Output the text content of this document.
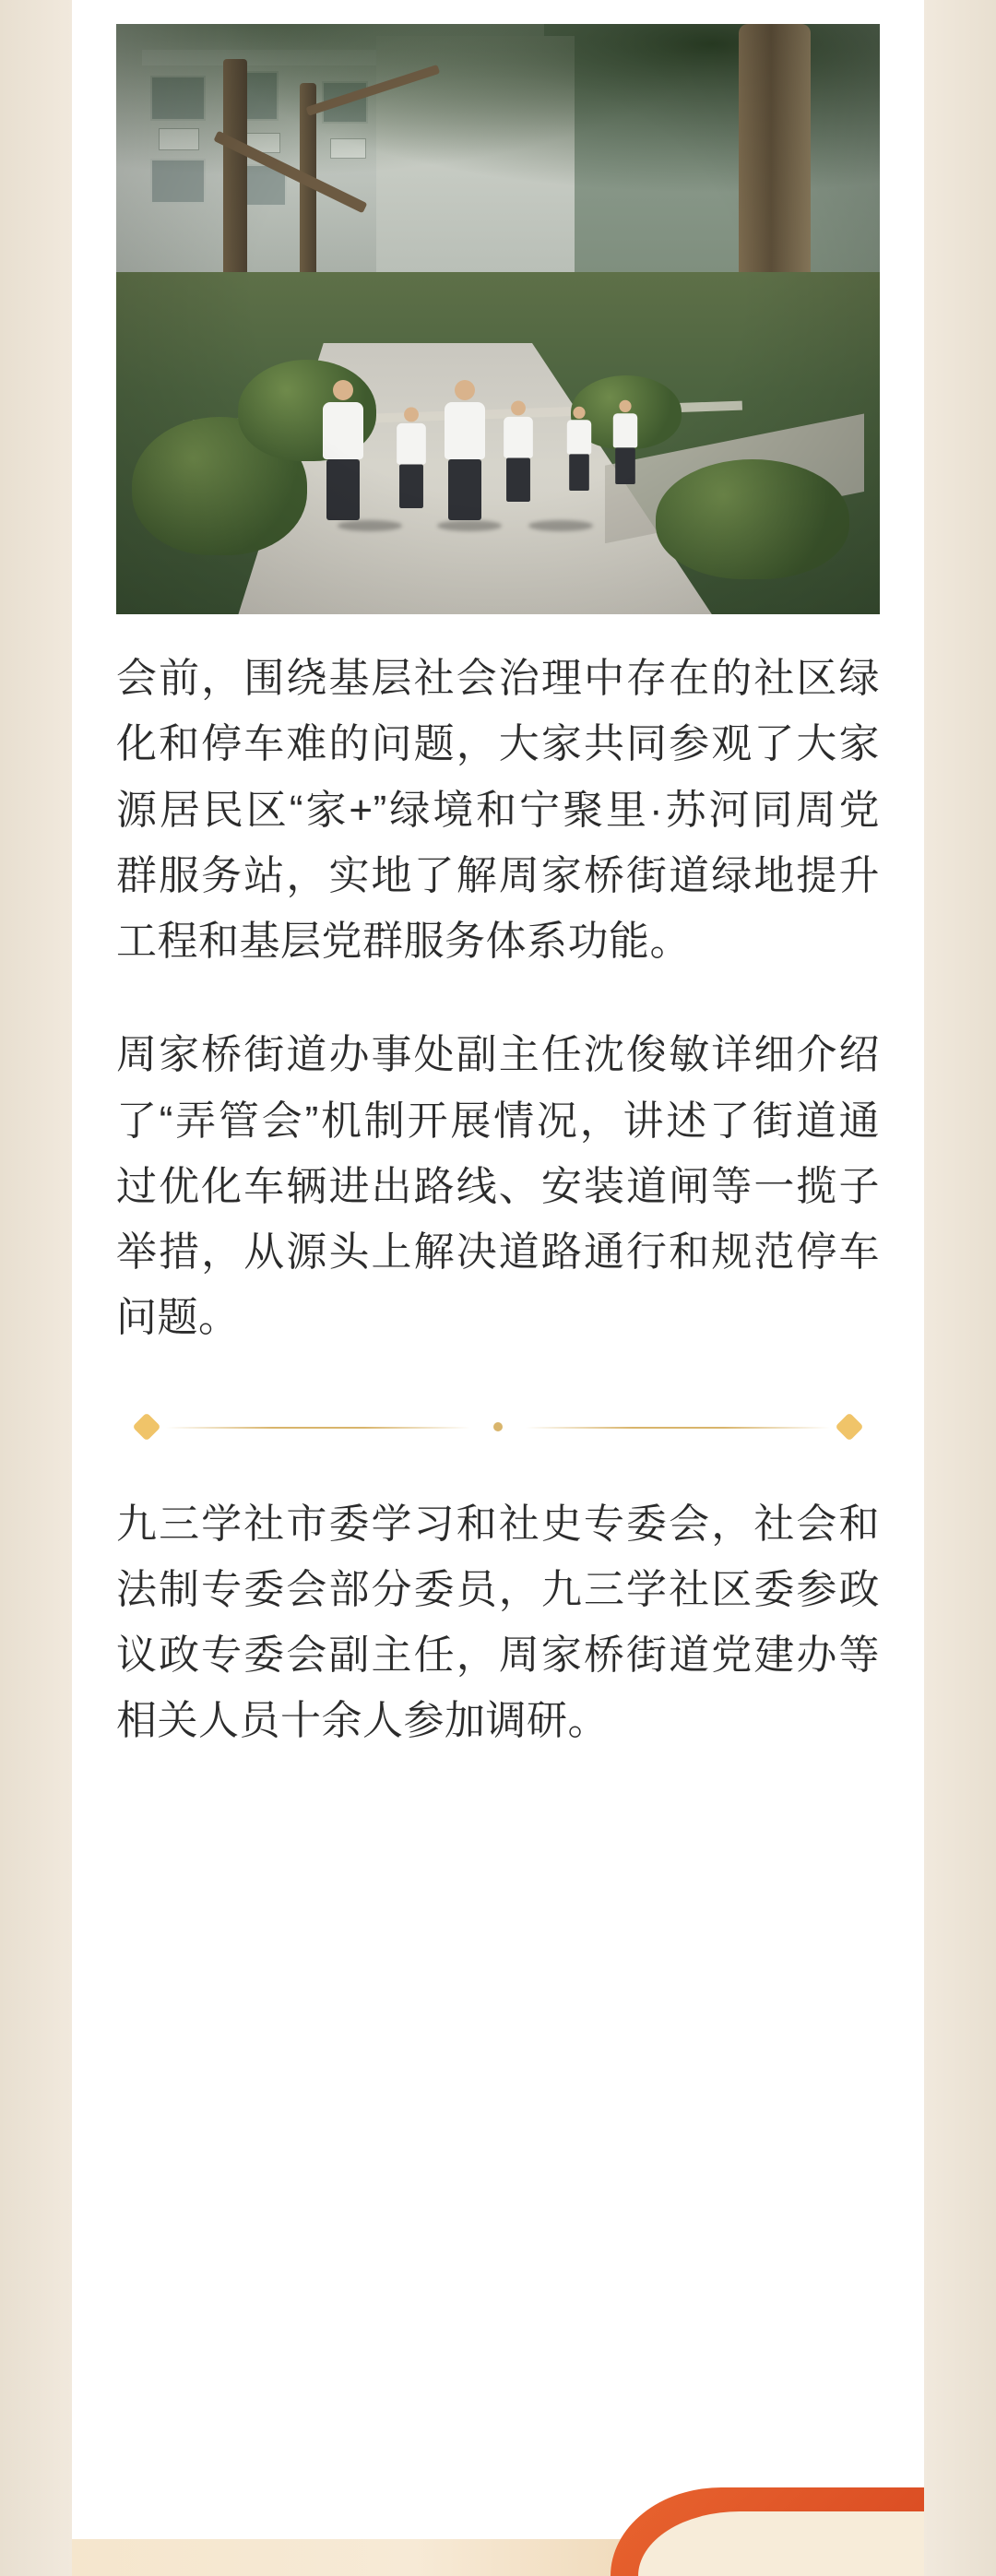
会前，围绕基层社会治理中存在的社区绿化和停车难的问题，大家共同参观了大家源居民区“家+”绿境和宁聚里·苏河同周党群服务站，实地了解周家桥街道绿地提升工程和基层党群服务体系功能。

周家桥街道办事处副主任沈俊敏详细介绍了“弄管会”机制开展情况，讲述了街道通过优化车辆进出路线、安装道闸等一揽子举措，从源头上解决道路通行和规范停车问题。

九三学社市委学习和社史专委会，社会和法制专委会部分委员，九三学社区委参政议政专委会副主任，周家桥街道党建办等相关人员十余人参加调研。
